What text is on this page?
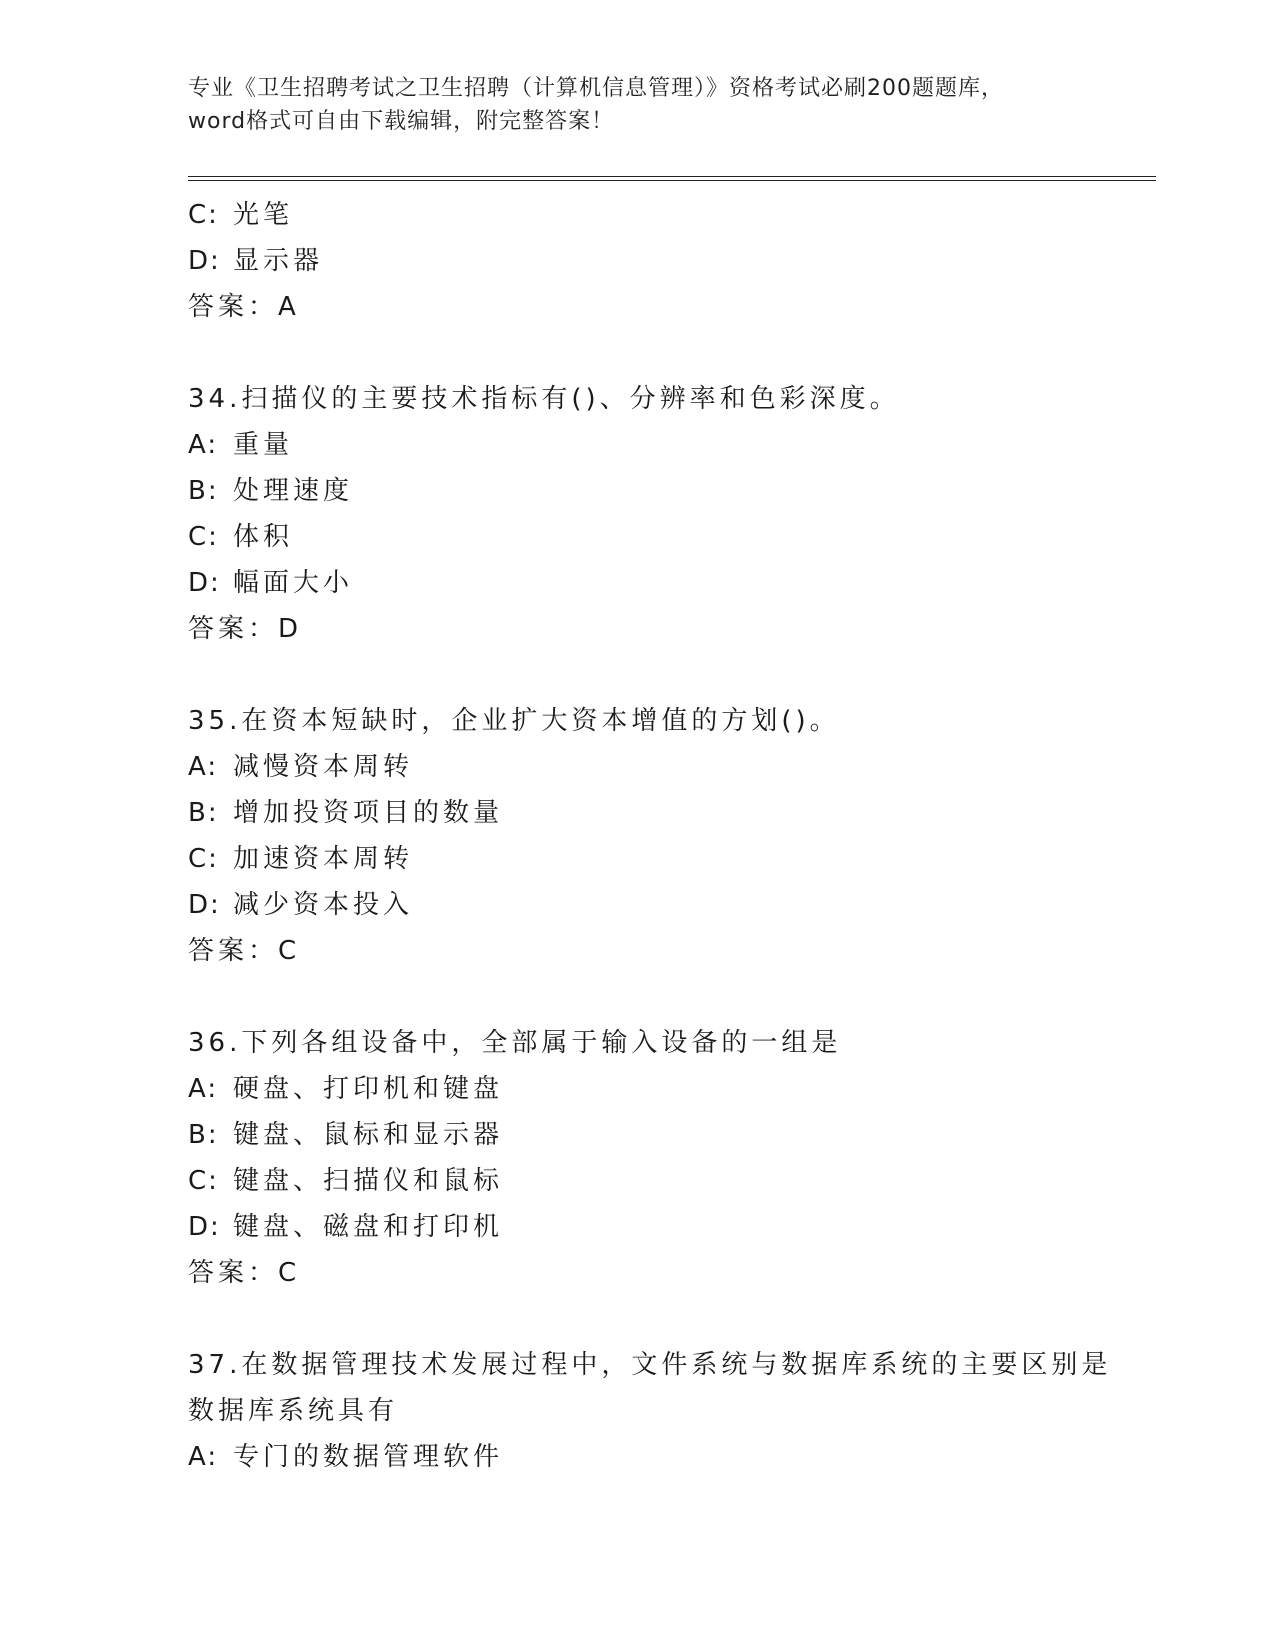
专业《卫生招聘考试之卫生招聘（计算机信息管理）》资格考试必刷200题题库，
word格式可自由下载编辑，附完整答案！
C: 光笔
D: 显示器
答案：A
34.扫描仪的主要技术指标有()、分辨率和色彩深度。
A: 重量
B: 处理速度
C: 体积
D: 幅面大小
答案：D
35.在资本短缺时，企业扩大资本增值的方划()。
A: 减慢资本周转
B: 增加投资项目的数量
C: 加速资本周转
D: 减少资本投入
答案：C
36.下列各组设备中，全部属于输入设备的一组是
A: 硬盘、打印机和键盘
B: 键盘、鼠标和显示器
C: 键盘、扫描仪和鼠标
D: 键盘、磁盘和打印机
答案：C
37.在数据管理技术发展过程中，文件系统与数据库系统的主要区别是
数据库系统具有
A: 专门的数据管理软件
